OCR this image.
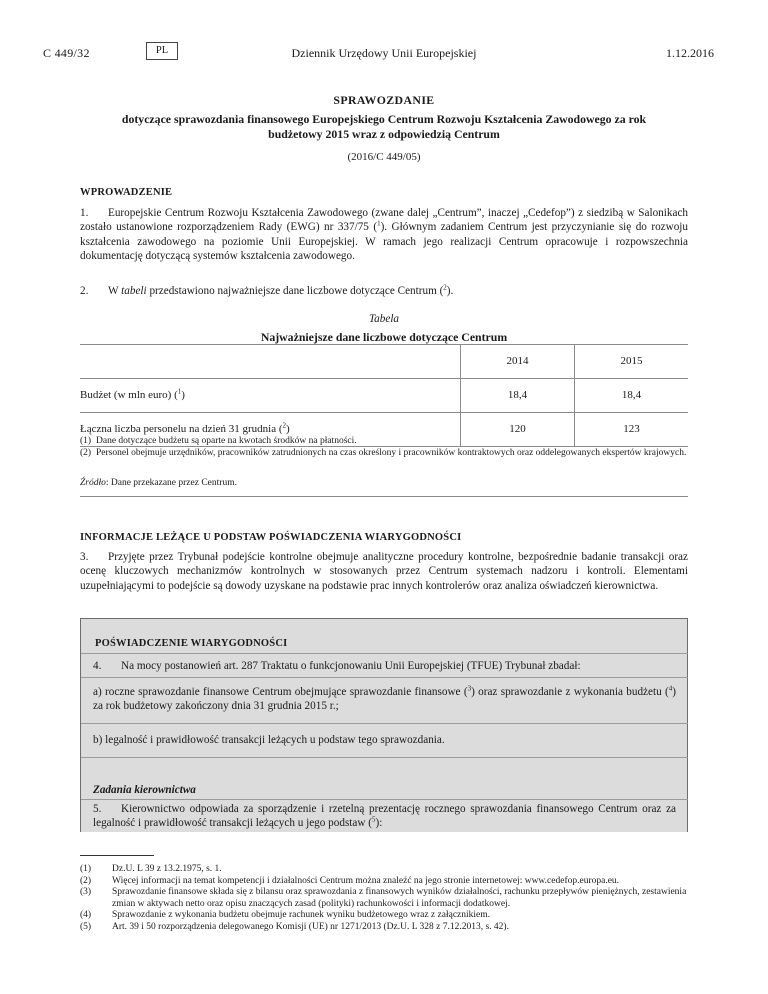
C 449/32	PL	Dziennik Urzędowy Unii Europejskiej	1.12.2016
SPRAWOZDANIE
dotyczące sprawozdania finansowego Europejskiego Centrum Rozwoju Kształcenia Zawodowego za rok budżetowy 2015 wraz z odpowiedzią Centrum
(2016/C 449/05)
WPROWADZENIE
1. Europejskie Centrum Rozwoju Kształcenia Zawodowego (zwane dalej „Centrum”, inaczej „Cedefop”) z siedzibą w Salonikach zostało ustanowione rozporządzeniem Rady (EWG) nr 337/75 ($^1$). Głównym zadaniem Centrum jest przyczynianie się do rozwoju kształcenia zawodowego na poziomie Unii Europejskiej. W ramach jego realizacji Centrum opracowuje i rozpowszechnia dokumentację dotyczącą systemów kształcenia zawodowego.
2. W tabeli przedstawiono najważniejsze dane liczbowe dotyczące Centrum ($^2$).
Tabela
Najważniejsze dane liczbowe dotyczące Centrum
	2014	2015
Budżet (w mln euro) ($^1$)	18,4	18,4
Łączna liczba personelu na dzień 31 grudnia ($^2$)	120	123
(1) Dane dotyczące budżetu są oparte na kwotach środków na płatności.
(2) Personel obejmuje urzędników, pracowników zatrudnionych na czas określony i pracowników kontraktowych oraz oddelegowanych ekspertów krajowych.
Źródło: Dane przekazane przez Centrum.
INFORMACJE LEŻĄCE U PODSTAW POŚWIADCZENIA WIARYGODNOŚCI
3. Przyjęte przez Trybunał podejście kontrolne obejmuje analityczne procedury kontrolne, bezpośrednie badanie transakcji oraz ocenę kluczowych mechanizmów kontrolnych w stosowanych przez Centrum systemach nadzoru i kontroli. Elementami uzupełniającymi to podejście są dowody uzyskane na podstawie prac innych kontrolerów oraz analiza oświadczeń kierownictwa.
POŚWIADCZENIE WIARYGODNOŚCI
4. Na mocy postanowień art. 287 Traktatu o funkcjonowaniu Unii Europejskiej (TFUE) Trybunał zbadał:
a) roczne sprawozdanie finansowe Centrum obejmujące sprawozdanie finansowe ($^3$) oraz sprawozdanie z wykonania budżetu ($^4$) za rok budżetowy zakończony dnia 31 grudnia 2015 r.;
b) legalność i prawidłowość transakcji leżących u podstaw tego sprawozdania.
Zadania kierownictwa
5. Kierownictwo odpowiada za sporządzenie i rzetelną prezentację rocznego sprawozdania finansowego Centrum oraz za legalność i prawidłowość transakcji leżących u jego podstaw ($^5$):
(1)	Dz.U. L 39 z 13.2.1975, s. 1.
(2)	Więcej informacji na temat kompetencji i działalności Centrum można znaleźć na jego stronie internetowej: www.cedefop.europa.eu.
(3)	Sprawozdanie finansowe składa się z bilansu oraz sprawozdania z finansowych wyników działalności, rachunku przepływów pieniężnych, zestawienia zmian w aktywach netto oraz opisu znaczących zasad (polityki) rachunkowości i informacji dodatkowej.
(4)	Sprawozdanie z wykonania budżetu obejmuje rachunek wyniku budżetowego wraz z załącznikiem.
(5)	Art. 39 i 50 rozporządzenia delegowanego Komisji (UE) nr 1271/2013 (Dz.U. L 328 z 7.12.2013, s. 42).
